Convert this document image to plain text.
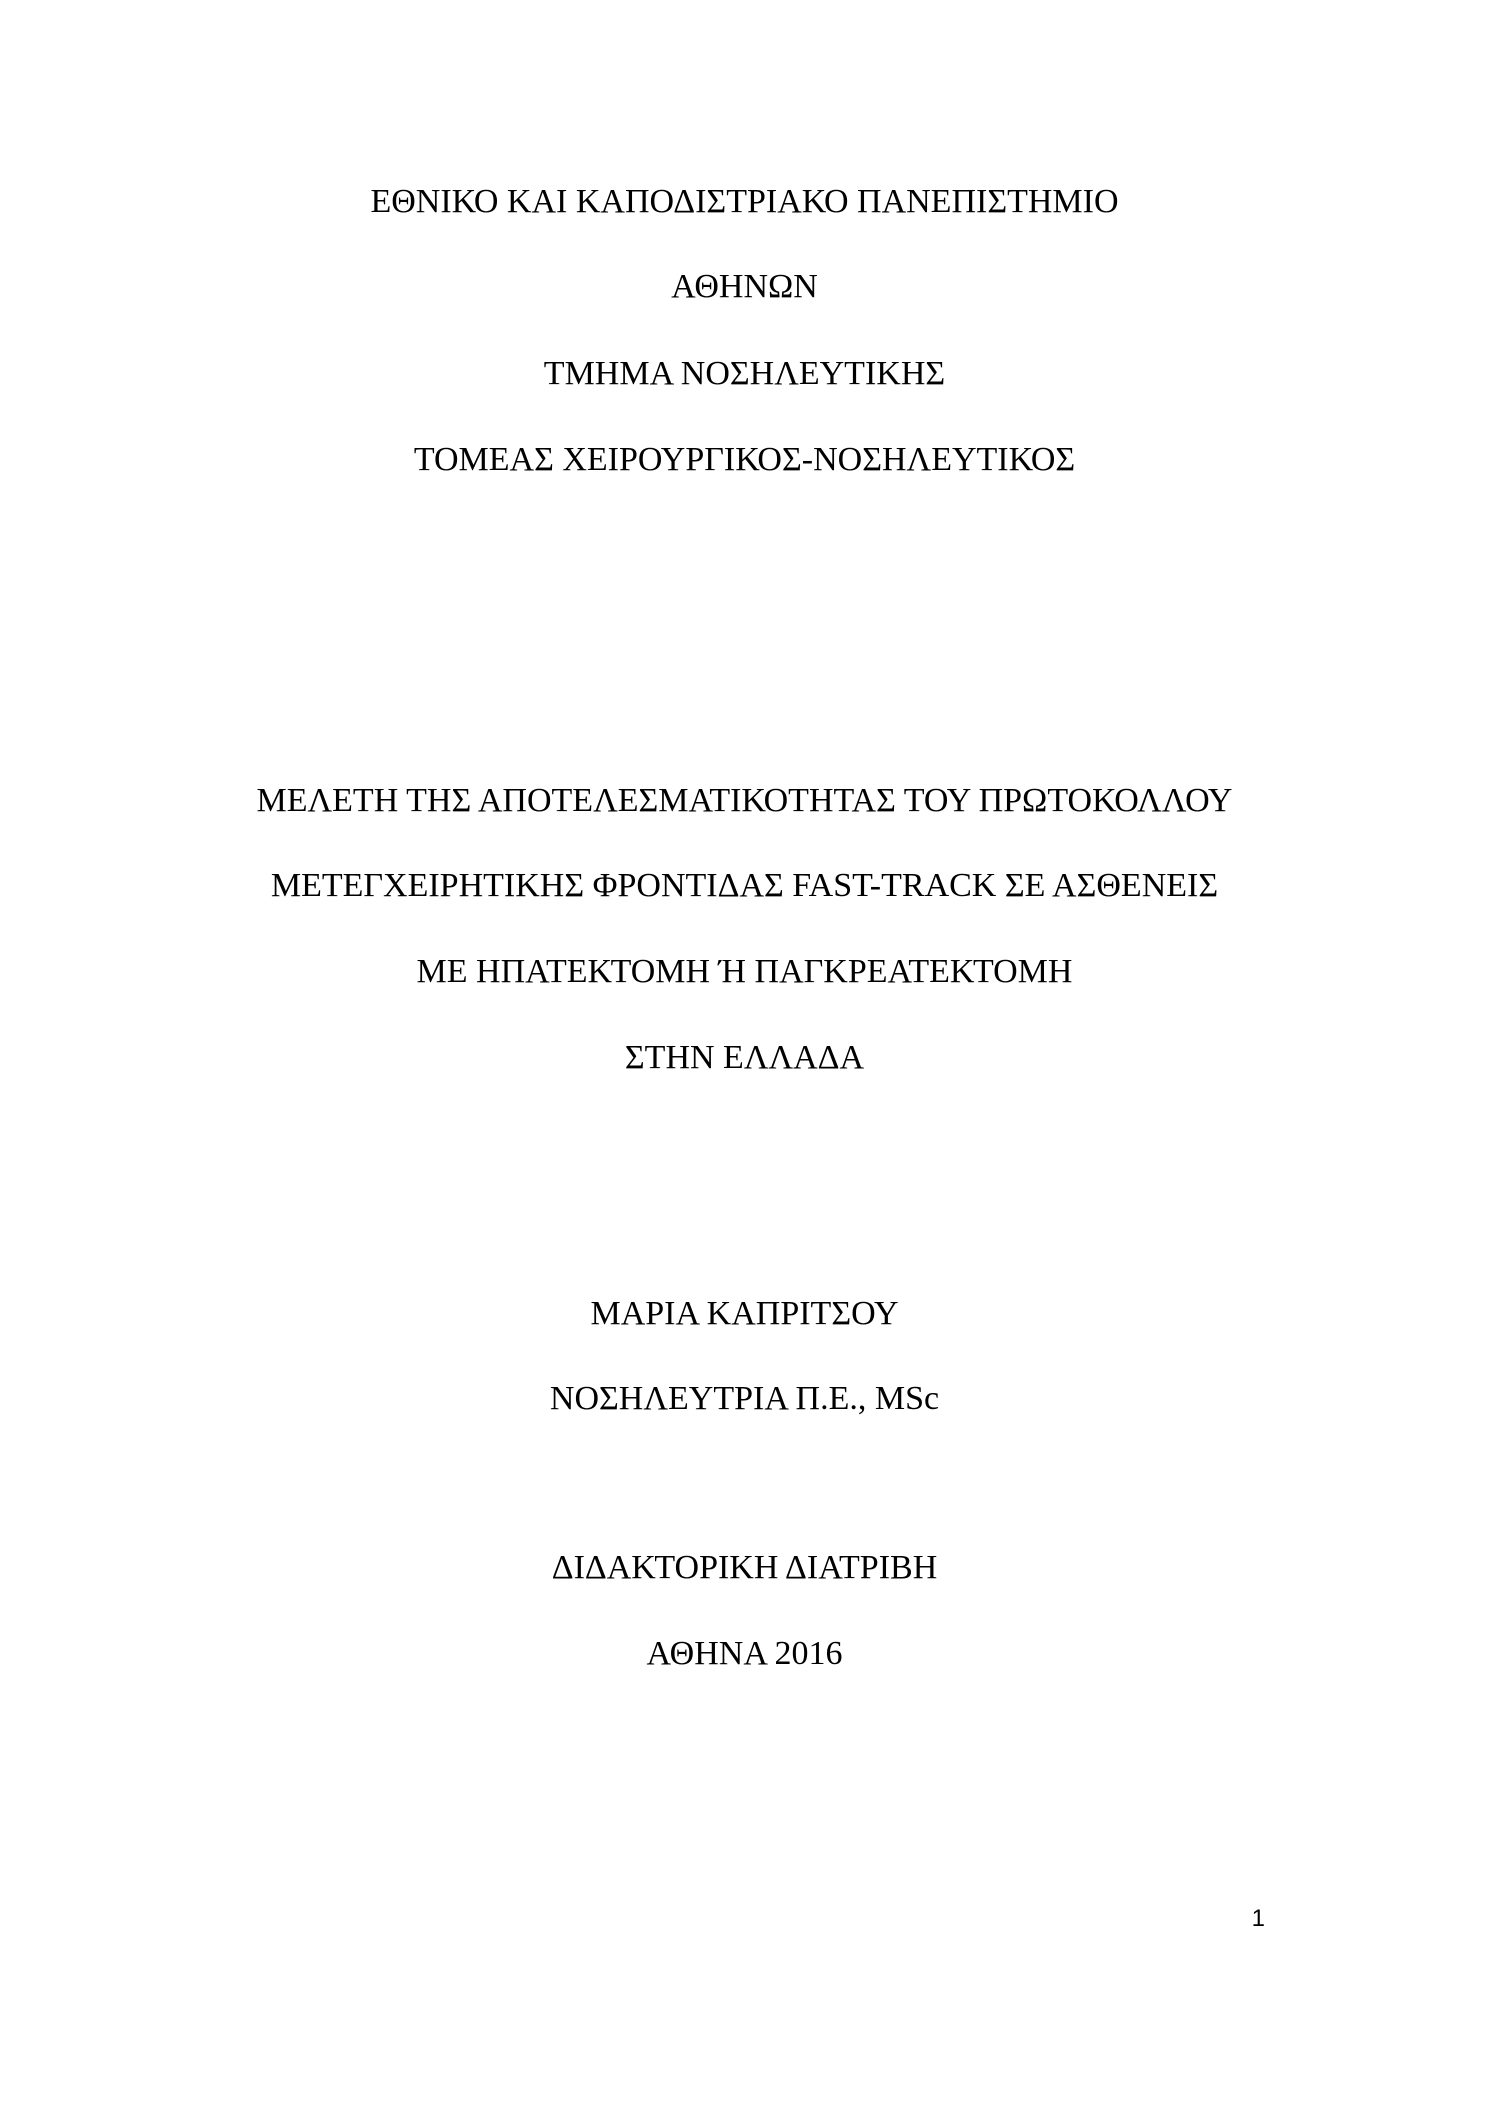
ΕΘΝΙΚΟ ΚΑΙ ΚΑΠΟΔΙΣΤΡΙΑΚΟ ΠΑΝΕΠΙΣΤΗΜΙΟ
ΑΘΗΝΩΝ
ΤΜΗΜΑ ΝΟΣΗΛΕΥΤΙΚΗΣ
ΤΟΜΕΑΣ ΧΕΙΡΟΥΡΓΙΚΟΣ-ΝΟΣΗΛΕΥΤΙΚΟΣ
ΜΕΛΕΤΗ ΤΗΣ ΑΠΟΤΕΛΕΣΜΑΤΙΚΟΤΗΤΑΣ ΤΟΥ ΠΡΩΤΟΚΟΛΛΟΥ
ΜΕΤΕΓΧΕΙΡΗΤΙΚΗΣ ΦΡΟΝΤΙΔΑΣ FAST-TRACK ΣΕ ΑΣΘΕΝΕΙΣ
ΜΕ ΗΠΑΤΕΚΤΟΜΗ Ή ΠΑΓΚΡΕΑΤΕΚΤΟΜΗ
ΣΤΗΝ ΕΛΛΑΔΑ
ΜΑΡΙΑ ΚΑΠΡΙΤΣΟΥ
ΝΟΣΗΛΕΥΤΡΙΑ Π.Ε., MSc
ΔΙΔΑΚΤΟΡΙΚΗ ΔΙΑΤΡΙΒΗ
ΑΘΗΝΑ 2016
1
